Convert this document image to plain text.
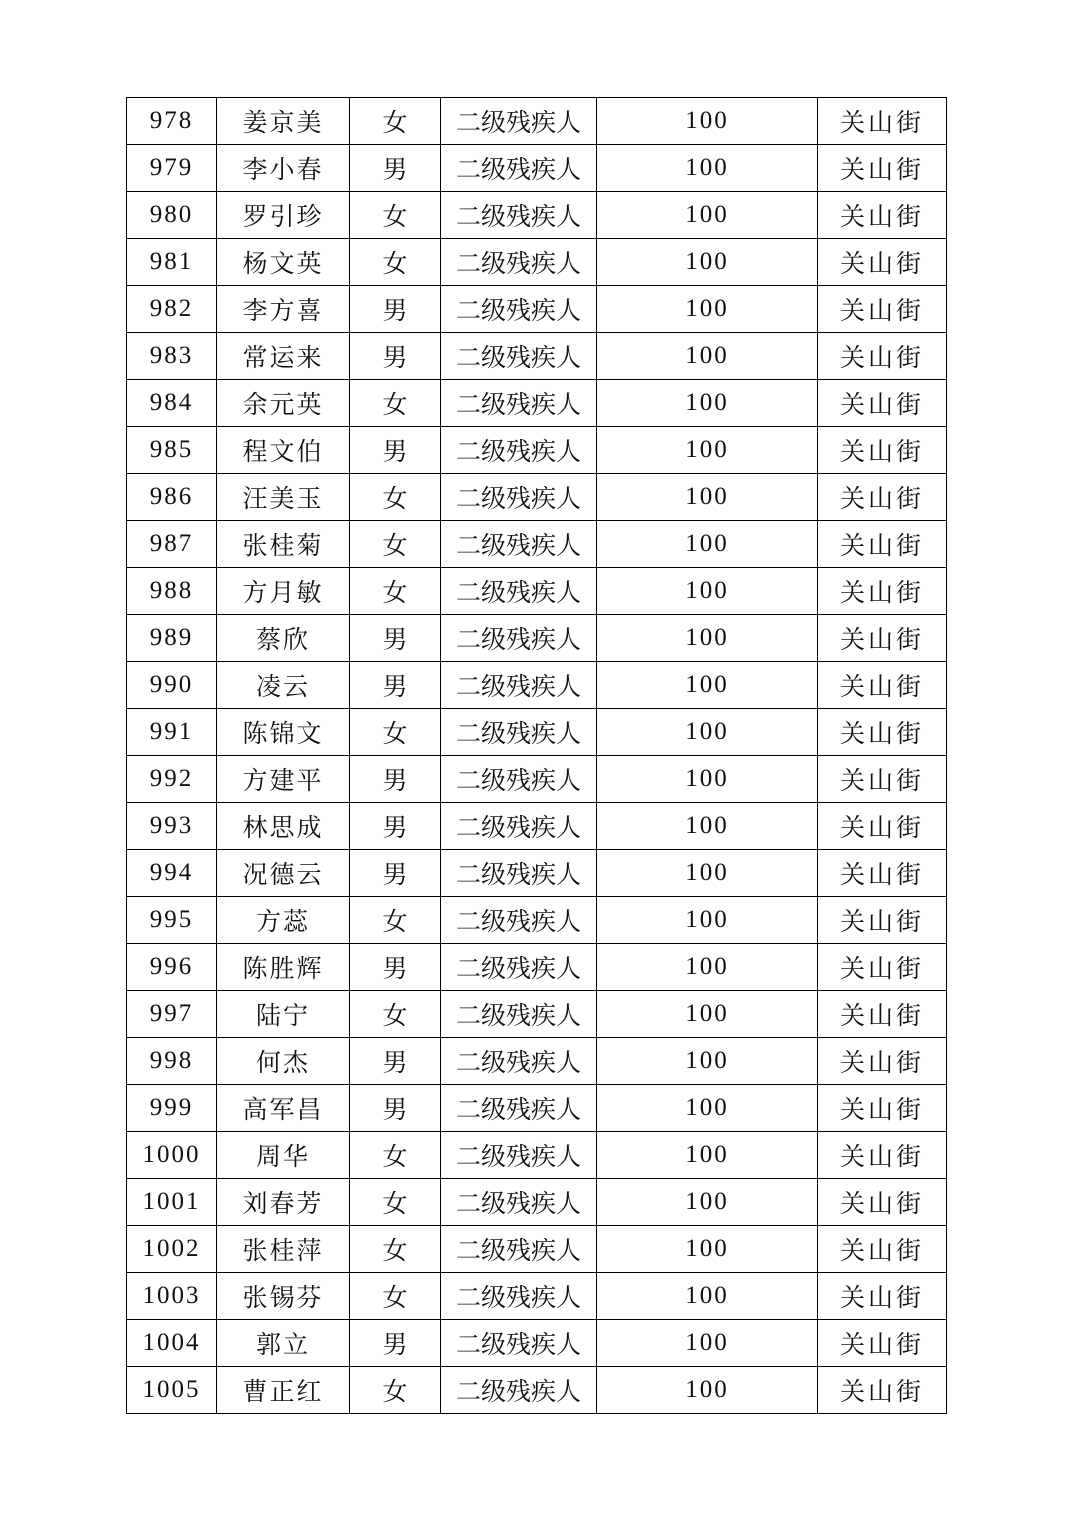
978	姜京美	女	二级残疾人	100	关山街
979	李小春	男	二级残疾人	100	关山街
980	罗引珍	女	二级残疾人	100	关山街
981	杨文英	女	二级残疾人	100	关山街
982	李方喜	男	二级残疾人	100	关山街
983	常运来	男	二级残疾人	100	关山街
984	余元英	女	二级残疾人	100	关山街
985	程文伯	男	二级残疾人	100	关山街
986	汪美玉	女	二级残疾人	100	关山街
987	张桂菊	女	二级残疾人	100	关山街
988	方月敏	女	二级残疾人	100	关山街
989	蔡欣	男	二级残疾人	100	关山街
990	凌云	男	二级残疾人	100	关山街
991	陈锦文	女	二级残疾人	100	关山街
992	方建平	男	二级残疾人	100	关山街
993	林思成	男	二级残疾人	100	关山街
994	况德云	男	二级残疾人	100	关山街
995	方蕊	女	二级残疾人	100	关山街
996	陈胜辉	男	二级残疾人	100	关山街
997	陆宁	女	二级残疾人	100	关山街
998	何杰	男	二级残疾人	100	关山街
999	高军昌	男	二级残疾人	100	关山街
1000	周华	女	二级残疾人	100	关山街
1001	刘春芳	女	二级残疾人	100	关山街
1002	张桂萍	女	二级残疾人	100	关山街
1003	张锡芬	女	二级残疾人	100	关山街
1004	郭立	男	二级残疾人	100	关山街
1005	曹正红	女	二级残疾人	100	关山街
